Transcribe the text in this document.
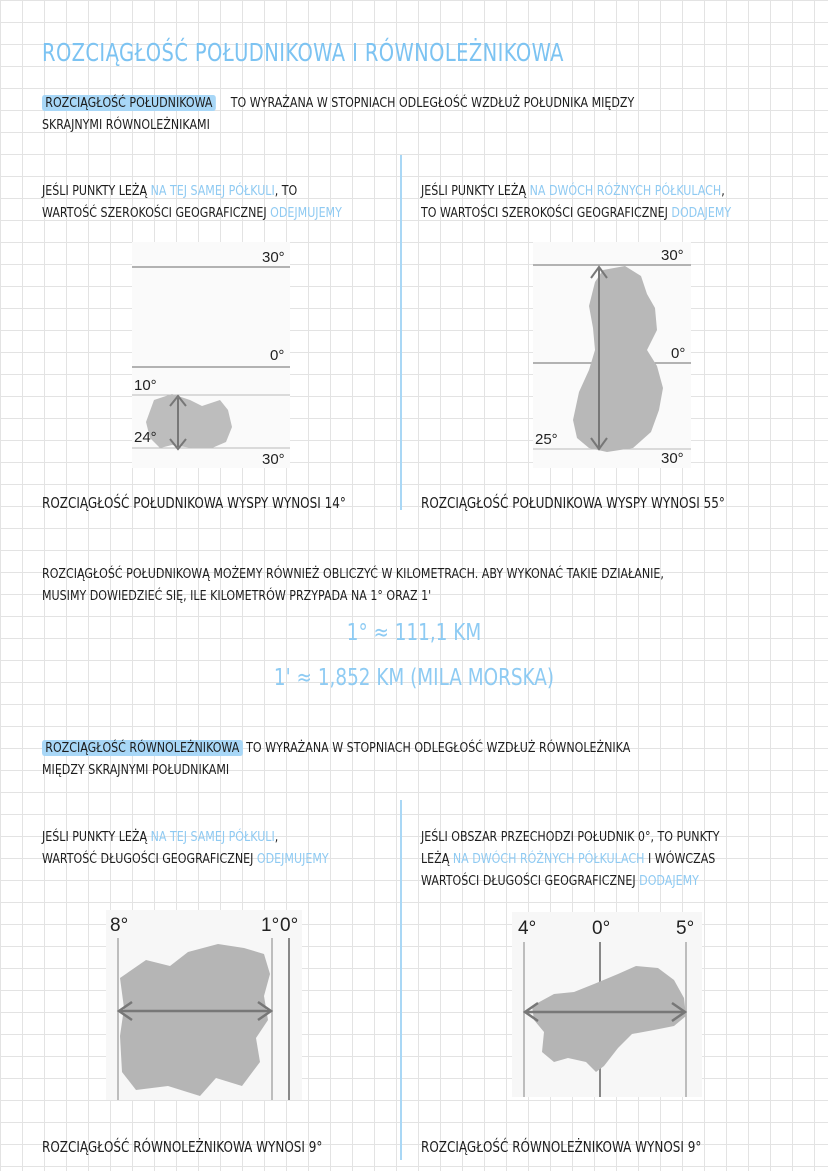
ROZCIĄGŁOŚĆ POŁUDNIKOWA I RÓWNOLEŻNIKOWA
ROZCIĄGŁOŚĆ POŁUDNIKOWA TO WYRAŻANA W STOPNIACH ODLEGŁOŚĆ WZDŁUŻ POŁUDNIKA MIĘDZY
SKRAJNYMI RÓWNOLEŻNIKAMI
JEŚLI PUNKTY LEŻĄ NA TEJ SAMEJ PÓŁKULI, TO
WARTOŚĆ SZEROKOŚCI GEOGRAFICZNEJ ODEJMUJEMY
JEŚLI PUNKTY LEŻĄ NA DWÓCH RÓŻNYCH PÓŁKULACH,
TO WARTOŚCI SZEROKOŚCI GEOGRAFICZNEJ DODAJEMY
30°
0°
10°
24°
30°
30°
0°
25°
30°
ROZCIĄGŁOŚĆ POŁUDNIKOWA WYSPY WYNOSI 14°	ROZCIĄGŁOŚĆ POŁUDNIKOWA WYSPY WYNOSI 55°
ROZCIĄGŁOŚĆ POŁUDNIKOWĄ MOŻEMY RÓWNIEŻ OBLICZYĆ W KILOMETRACH. ABY WYKONAĆ TAKIE DZIAŁANIE,
MUSIMY DOWIEDZIEĆ SIĘ, ILE KILOMETRÓW PRZYPADA NA 1° ORAZ 1'
1° ≈ 111,1 KM
1' ≈ 1,852 KM (MILA MORSKA)
ROZCIĄGŁOŚĆ RÓWNOLEŻNIKOWA TO WYRAŻANA W STOPNIACH ODLEGŁOŚĆ WZDŁUŻ RÓWNOLEŻNIKA
MIĘDZY SKRAJNYMI POŁUDNIKAMI
JEŚLI PUNKTY LEŻĄ NA TEJ SAMEJ PÓŁKULI,
WARTOŚĆ DŁUGOŚCI GEOGRAFICZNEJ ODEJMUJEMY
JEŚLI OBSZAR PRZECHODZI POŁUDNIK 0°, TO PUNKTY
LEŻĄ NA DWÓCH RÓŻNYCH PÓŁKULACH I WÓWCZAS
WARTOŚCI DŁUGOŚCI GEOGRAFICZNEJ DODAJEMY
8°	1° 0°	4°	0°	5°
ROZCIĄGŁOŚĆ RÓWNOLEŻNIKOWA WYNOSI 9°	ROZCIĄGŁOŚĆ RÓWNOLEŻNIKOWA WYNOSI 9°
